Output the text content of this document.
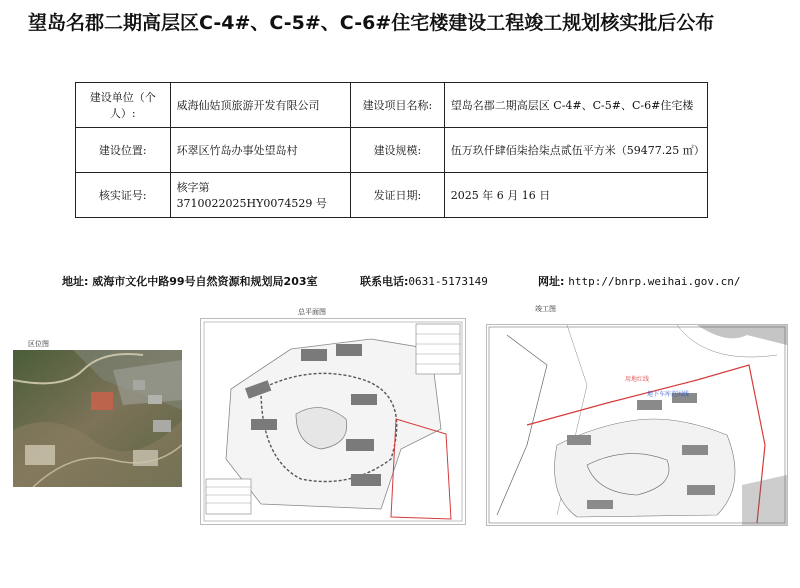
望岛名郡二期高层区C-4#、C-5#、C-6#住宅楼建设工程竣工规划核实批后公布
建设单位（个人）:	威海仙姑顶旅游开发有限公司	建设项目名称:	望岛名郡二期高层区 C-4#、C-5#、C-6#住宅楼
建设位置:	环翠区竹岛办事处望岛村	建设规模:	伍万玖仟肆佰柒拾柒点贰伍平方米（59477.25 ㎡）
核实证号:	核字第 3710022025HY0074529 号	发证日期:	2025 年 6 月 16 日
地址: 威海市文化中路99号自然资源和规划局203室	联系电话:0631-5173149	网址: http://bnrp.weihai.gov.cn/
区位图
总平面图	竣工图
用地红线
地下车库范围线
